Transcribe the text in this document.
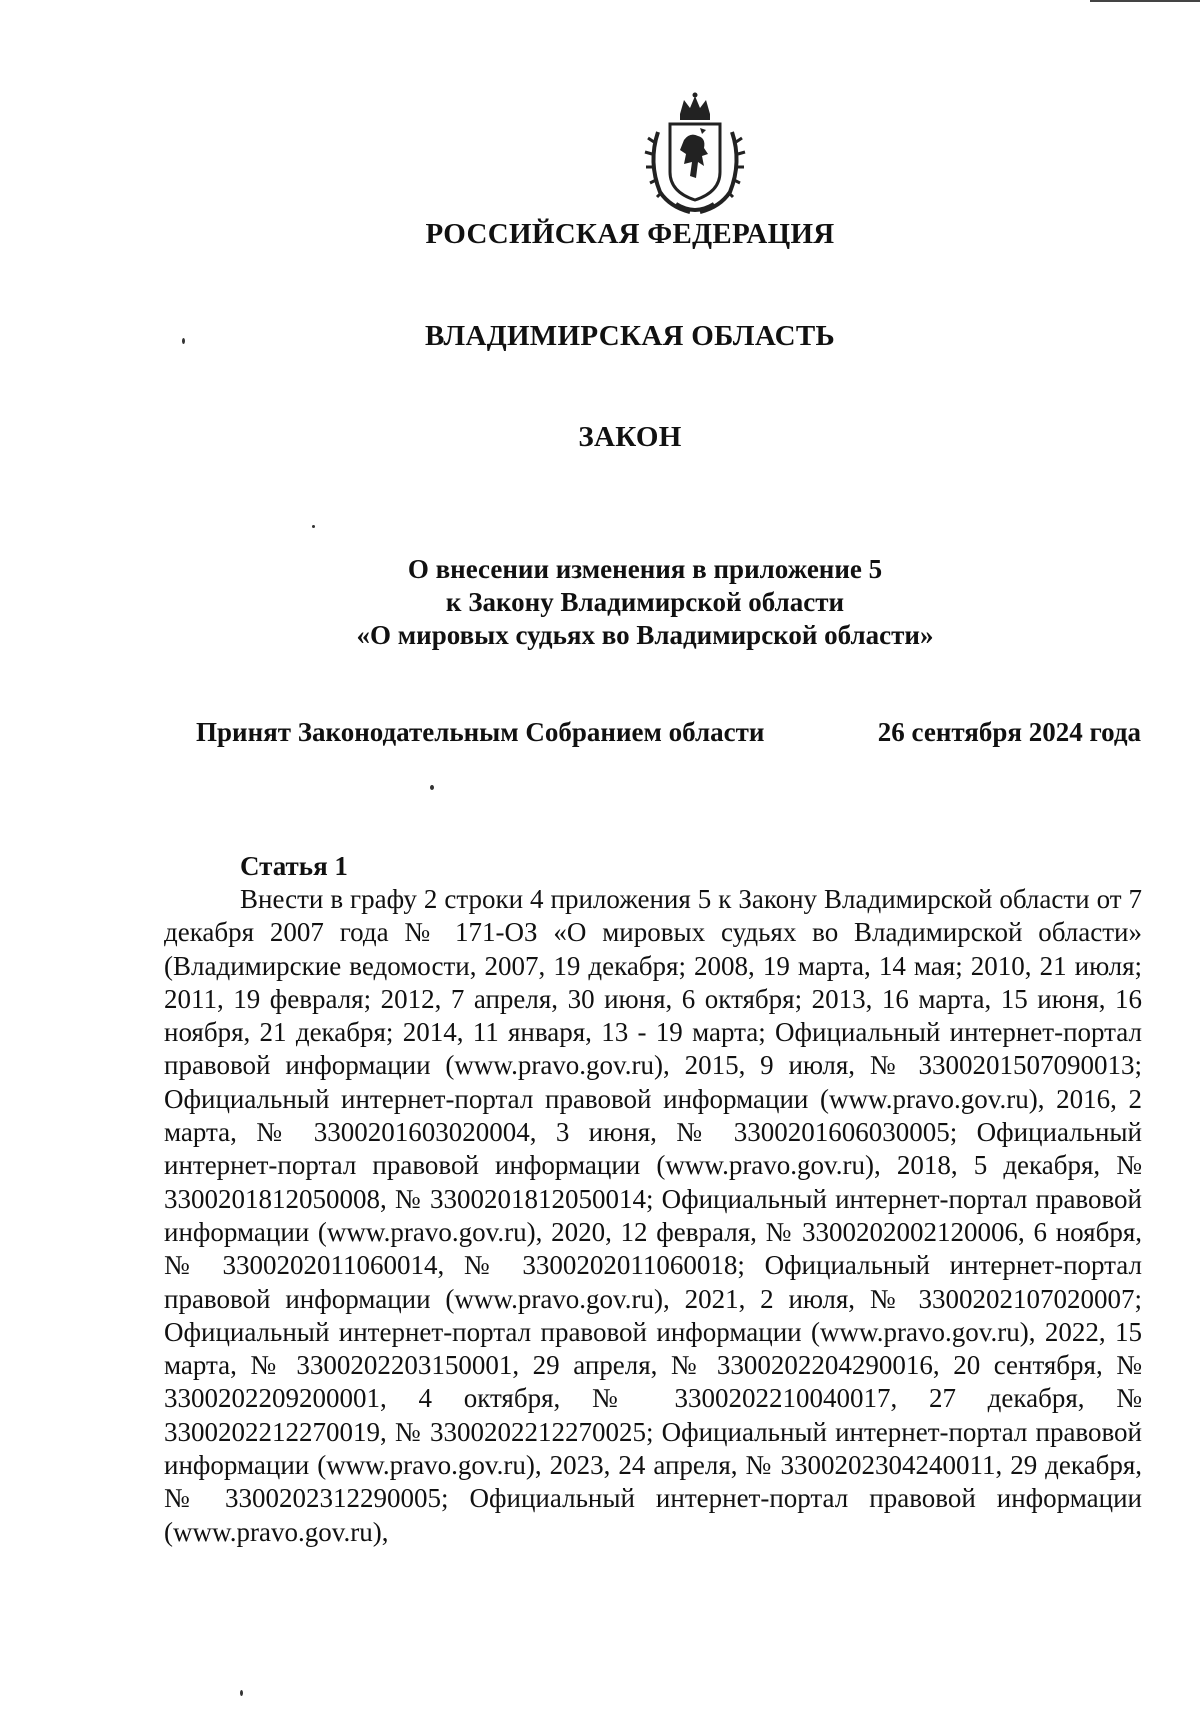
РОССИЙСКАЯ ФЕДЕРАЦИЯ
ВЛАДИМИРСКАЯ ОБЛАСТЬ
ЗАКОН
О внесении изменения в приложение 5
к Закону Владимирской области
«О мировых судьях во Владимирской области»
Принят Законодательным Собранием области	26 сентября 2024 года
Статья 1
Внести в графу 2 строки 4 приложения 5 к Закону Владимирской области от 7 декабря 2007 года № 171-ОЗ «О мировых судьях во Владимирской области» (Владимирские ведомости, 2007, 19 декабря; 2008, 19 марта, 14 мая; 2010, 21 июля; 2011, 19 февраля; 2012, 7 апреля, 30 июня, 6 октября; 2013, 16 марта, 15 июня, 16 ноября, 21 декабря; 2014, 11 января, 13 - 19 марта; Официальный интернет-портал правовой информации (www.pravo.gov.ru), 2015, 9 июля, № 3300201507090013; Официальный интернет-портал правовой информации (www.pravo.gov.ru), 2016, 2 марта, № 3300201603020004, 3 июня, № 3300201606030005; Официальный интернет-портал правовой информации (www.pravo.gov.ru), 2018, 5 декабря, № 3300201812050008, № 3300201812050014; Официальный интернет-портал правовой информации (www.pravo.gov.ru), 2020, 12 февраля, № 3300202002120006, 6 ноября, № 3300202011060014, № 3300202011060018; Официальный интернет-портал правовой информации (www.pravo.gov.ru), 2021, 2 июля, № 3300202107020007; Официальный интернет-портал правовой информации (www.pravo.gov.ru), 2022, 15 марта, № 3300202203150001, 29 апреля, № 3300202204290016, 20 сентября, № 3300202209200001, 4 октября, № 3300202210040017, 27 декабря, № 3300202212270019, № 3300202212270025; Официальный интернет-портал правовой информации (www.pravo.gov.ru), 2023, 24 апреля, № 3300202304240011, 29 декабря, № 3300202312290005; Официальный интернет-портал правовой информации (www.pravo.gov.ru),
